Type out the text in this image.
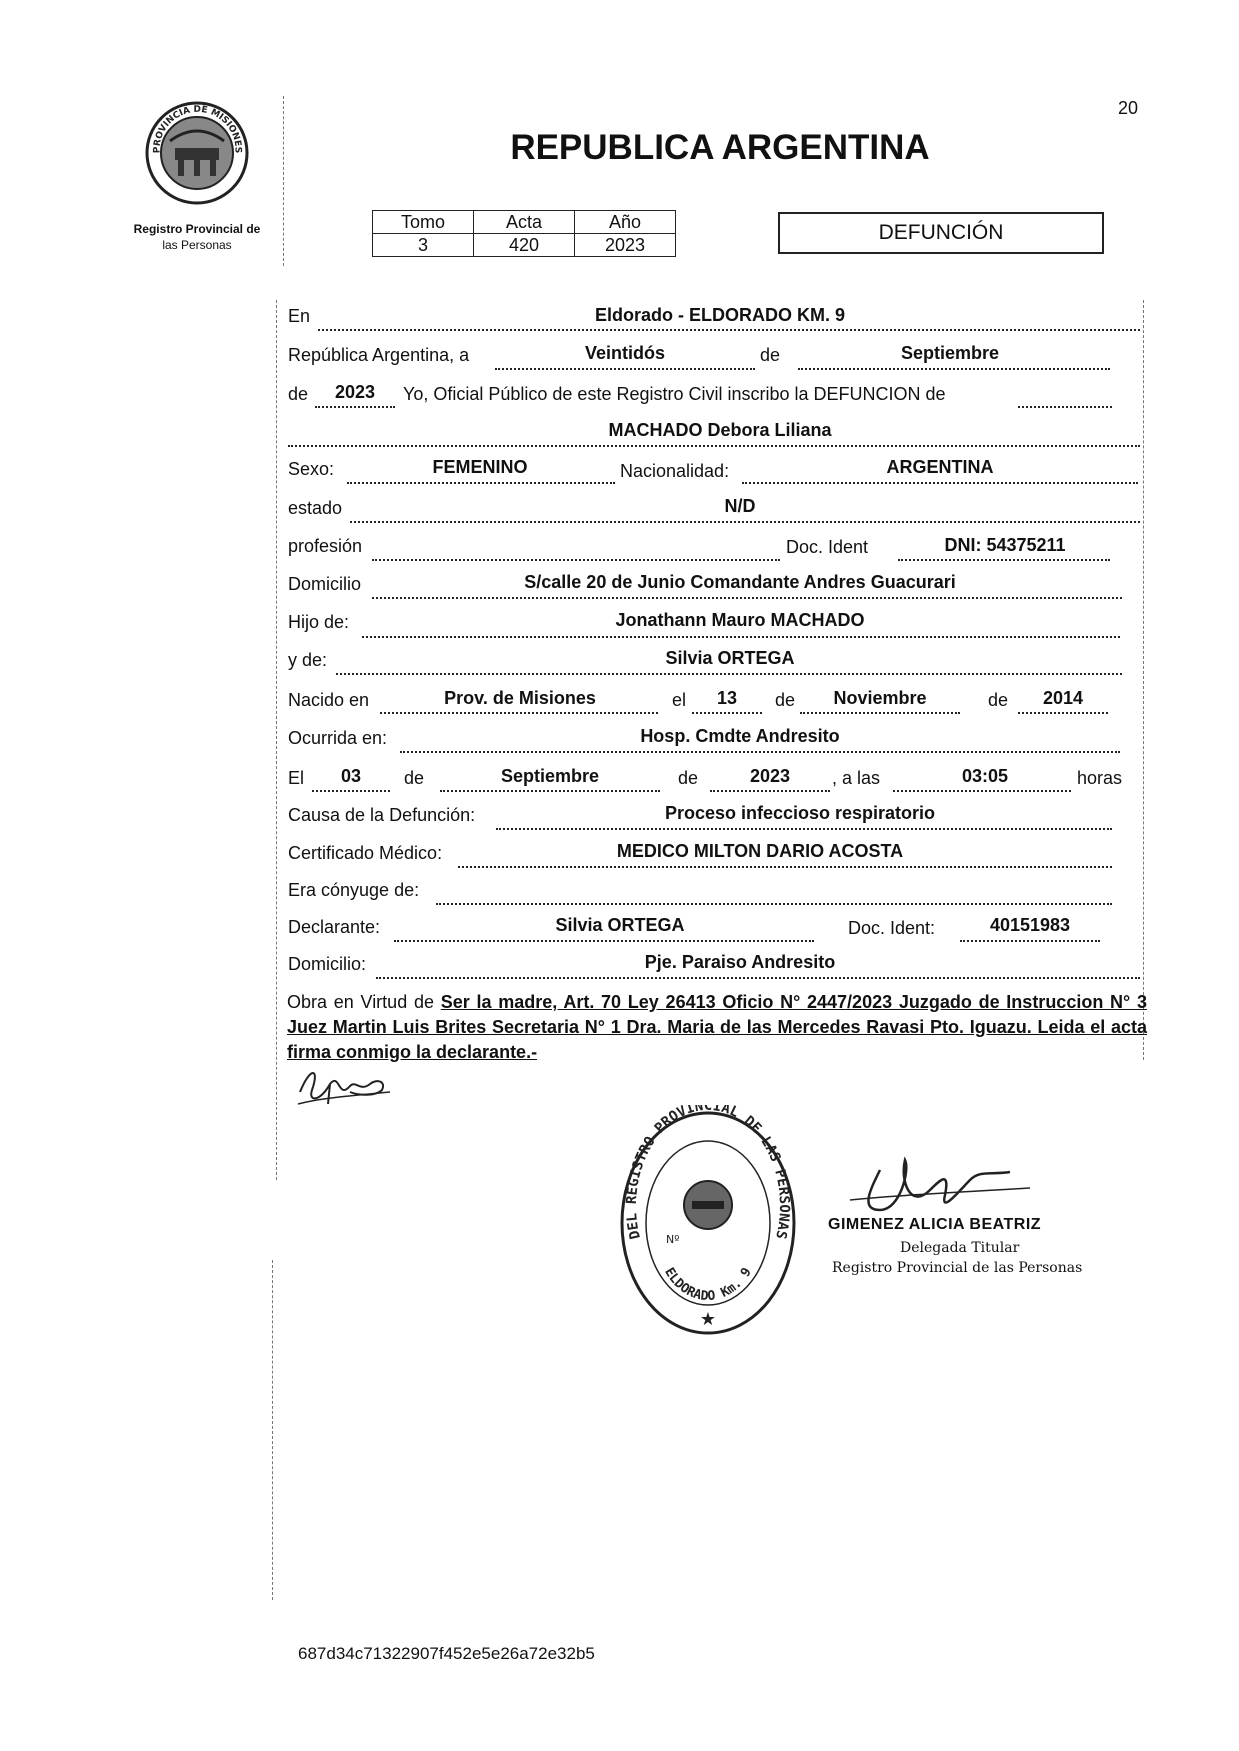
20
PROVINCIA DE MISIONES
Registro Provincial de
las Personas
REPUBLICA ARGENTINA
Tomo	Acta	Año
3	420	2023
DEFUNCIÓN
En	Eldorado - ELDORADO KM. 9
República Argentina, a	Veintidós	de	Septiembre
de	2023	Yo, Oficial Público de este Registro Civil inscribo la DEFUNCION de
MACHADO Debora Liliana
Sexo:	FEMENINO	Nacionalidad:	ARGENTINA
estado	N/D
profesión	Doc. Ident	DNI: 54375211
Domicilio	S/calle 20 de Junio Comandante Andres Guacurari
Hijo de:	Jonathann Mauro MACHADO
y de:	Silvia ORTEGA
Nacido en	Prov. de Misiones	el	13	de	Noviembre	de	2014
Ocurrida en:	Hosp. Cmdte Andresito
El	03	de	Septiembre	de	2023	, a las	03:05	horas
Causa de la Defunción:	Proceso infeccioso respiratorio
Certificado Médico:	MEDICO MILTON DARIO ACOSTA
Era cónyuge de:
Declarante:	Silvia ORTEGA	Doc. Ident:	40151983
Domicilio:	Pje. Paraiso Andresito
Obra en Virtud de Ser la madre, Art. 70 Ley 26413 Oficio N° 2447/2023 Juzgado de Instruccion N° 3 Juez Martin Luis Brites Secretaria N° 1 Dra. Maria de las Mercedes Ravasi Pto. Iguazu. Leida el acta firma conmigo la declarante.-
DEL REGISTRO PROVINCIAL DE LAS PERSONAS
ELDORADO Km. 9
Nº
★
GIMENEZ ALICIA BEATRIZ
Delegada Titular
Registro Provincial de las Personas
687d34c71322907f452e5e26a72e32b5
